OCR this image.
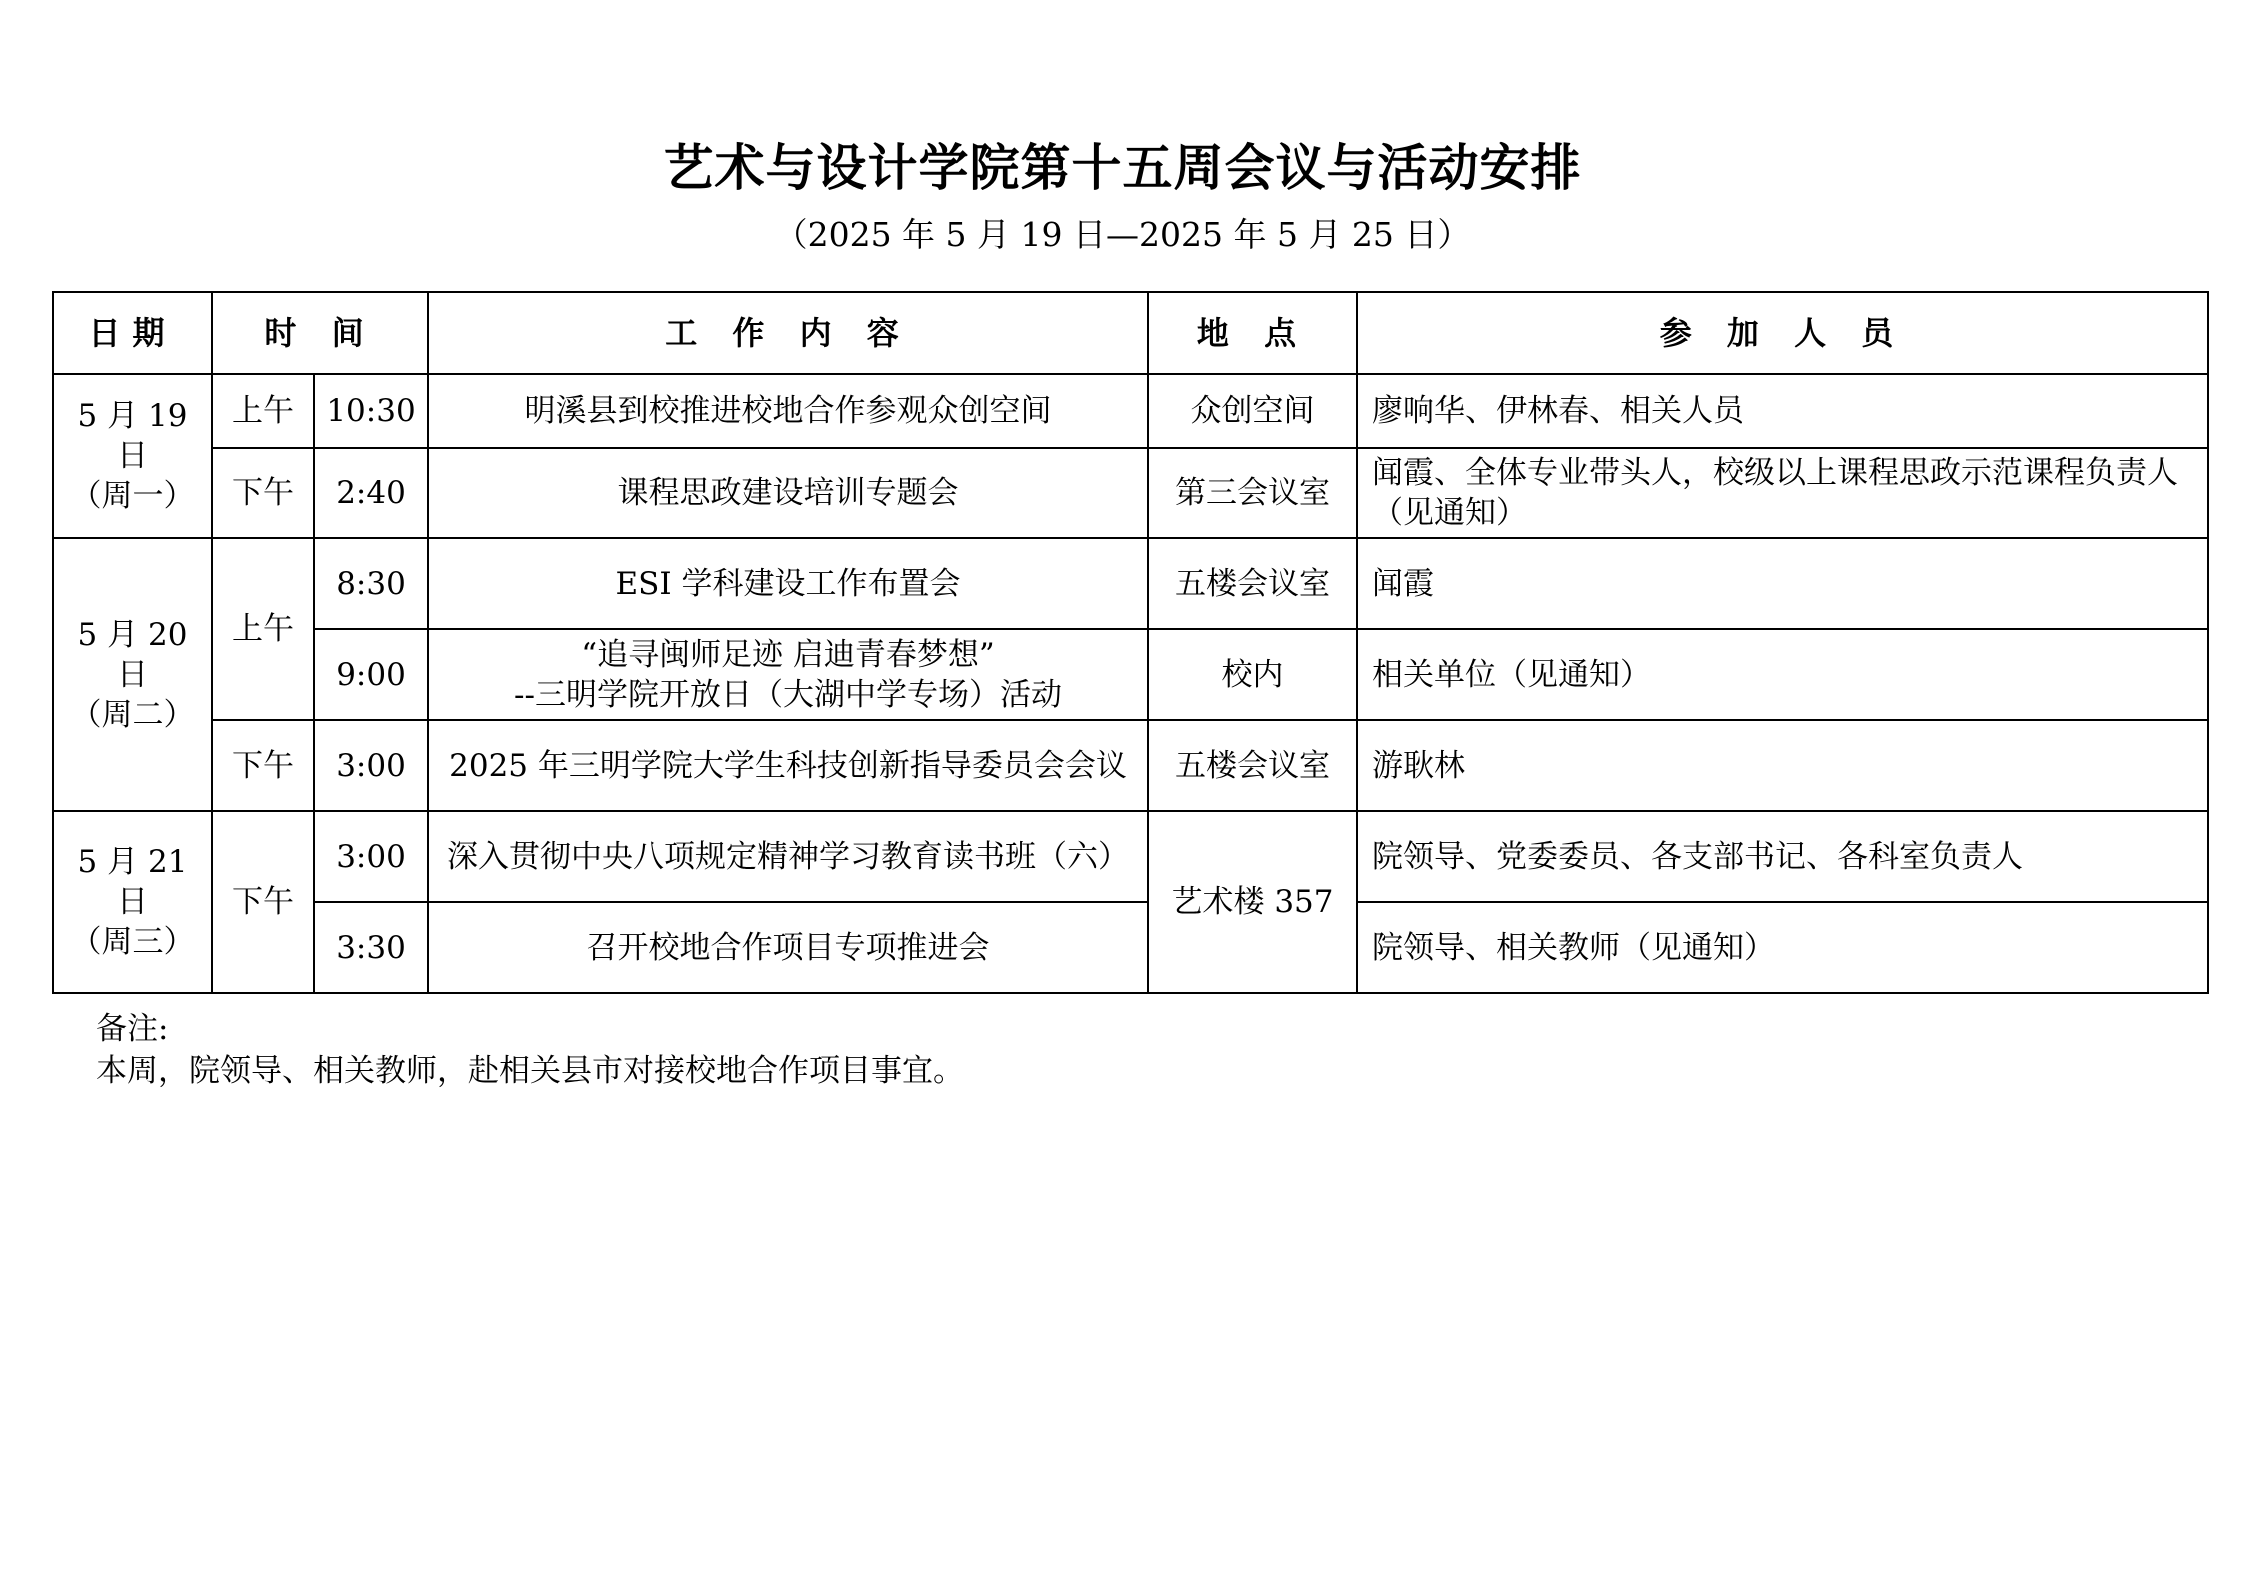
艺术与设计学院第十五周会议与活动安排
（2025 年 5 月 19 日—2025 年 5 月 25 日）
日期	时 间		工 作 内 容	地 点	参 加 人 员

5 月 19 日
（周一）	上午	10:30	明溪县到校推进校地合作参观众创空间	众创空间	廖响华、伊林春、相关人员
	下午	2:40	课程思政建设培训专题会	第三会议室	闻霞、全体专业带头人，校级以上课程思政示范课程负责人（见通知）

5 月 20 日
（周二）	上午	8:30	ESI 学科建设工作布置会	五楼会议室	闻霞
		9:00	“追寻闽师足迹 启迪青春梦想”
--三明学院开放日（大湖中学专场）活动	校内	相关单位（见通知）
	下午	3:00	2025 年三明学院大学生科技创新指导委员会会议	五楼会议室	游耿林

5 月 21 日
（周三）	下午	3:00	深入贯彻中央八项规定精神学习教育读书班（六）	艺术楼 357	院领导、党委委员、各支部书记、各科室负责人
		3:30	召开校地合作项目专项推进会		院领导、相关教师（见通知）
备注:
本周，院领导、相关教师，赴相关县市对接校地合作项目事宜。
